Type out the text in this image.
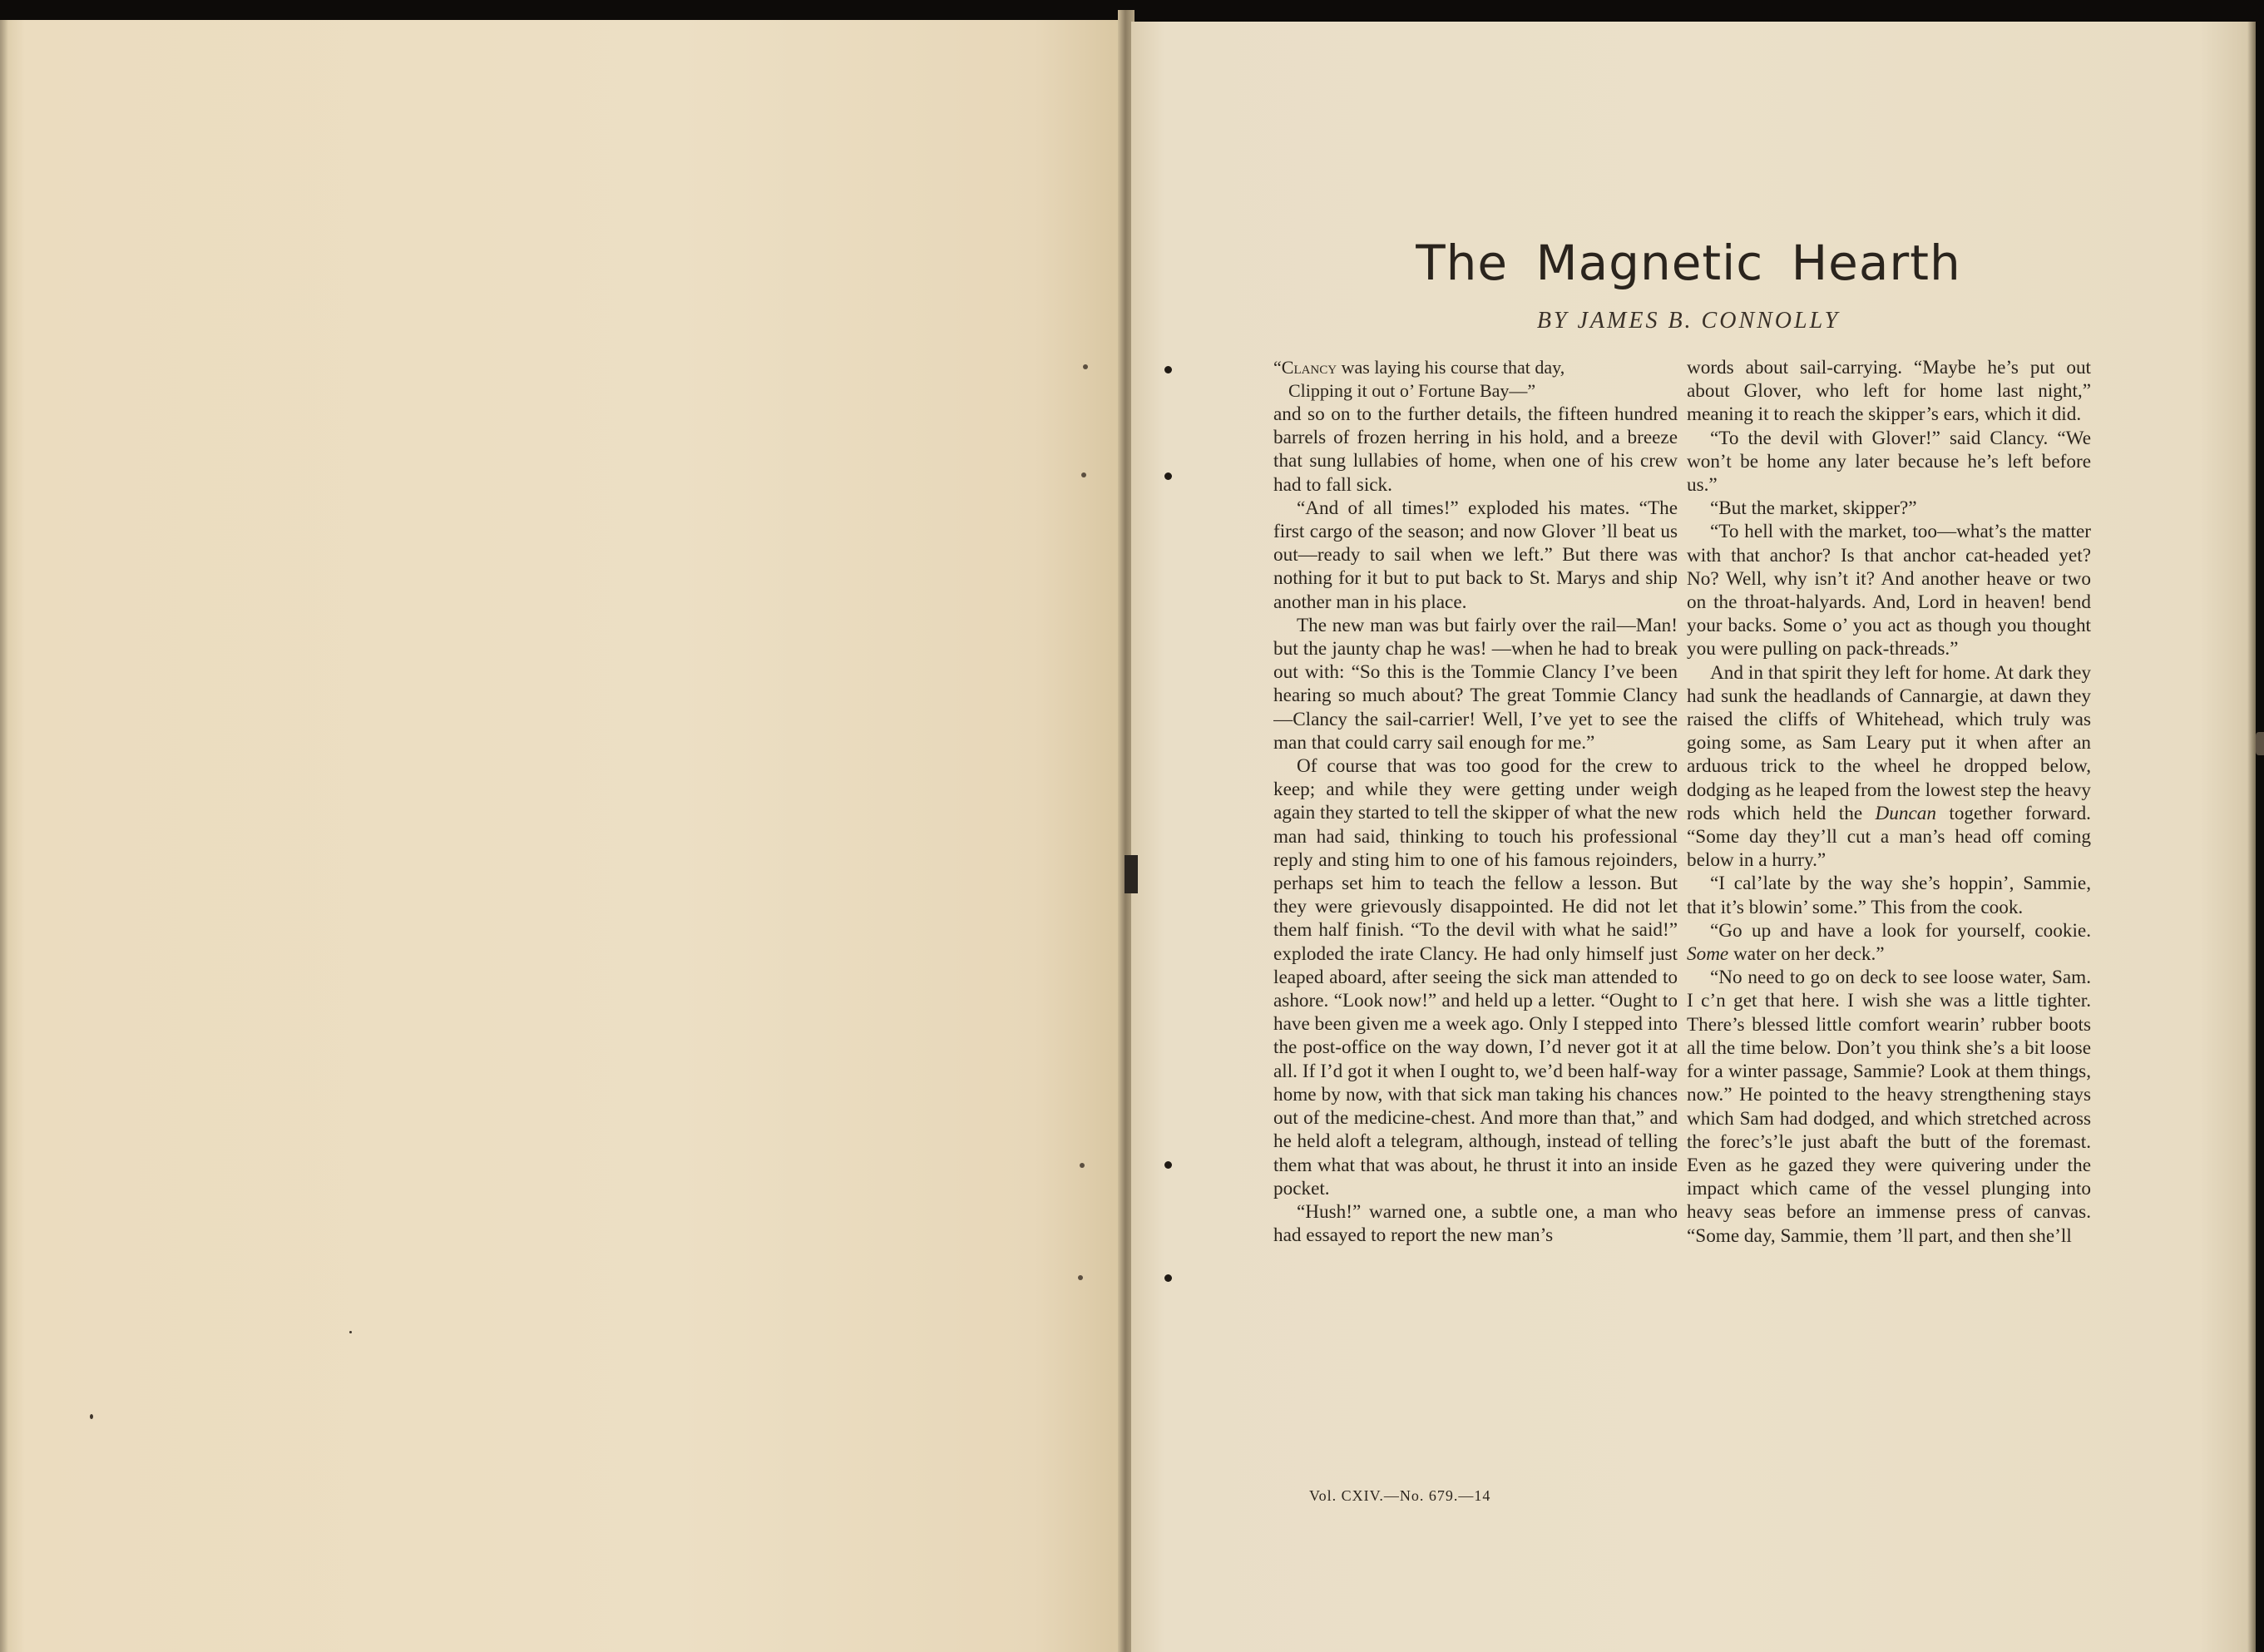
The Magnetic Hearth

BY JAMES B. CONNOLLY

“Clancy was laying his course that day,
Clipping it out o’ Fortune Bay—”

and so on to the further details, the fifteen hundred barrels of frozen herring in his hold, and a breeze that sung lullabies of home, when one of his crew had to fall sick.

“And of all times!” exploded his mates. “The first cargo of the season; and now Glover ’ll beat us out—ready to sail when we left.” But there was nothing for it but to put back to St. Marys and ship another man in his place.

The new man was but fairly over the rail—Man! but the jaunty chap he was! —when he had to break out with: “So this is the Tommie Clancy I’ve been hearing so much about? The great Tommie Clancy—Clancy the sail-carrier! Well, I’ve yet to see the man that could carry sail enough for me.”

Of course that was too good for the crew to keep; and while they were getting under weigh again they started to tell the skipper of what the new man had said, thinking to touch his professional reply and sting him to one of his famous rejoinders, perhaps set him to teach the fellow a lesson. But they were grievously disappointed. He did not let them half finish. “To the devil with what he said!” exploded the irate Clancy. He had only himself just leaped aboard, after seeing the sick man attended to ashore. “Look now!” and held up a letter. “Ought to have been given me a week ago. Only I stepped into the post-office on the way down, I’d never got it at all. If I’d got it when I ought to, we’d been half-way home by now, with that sick man taking his chances out of the medicine-chest. And more than that,” and he held aloft a telegram, although, instead of telling them what that was about, he thrust it into an inside pocket.

“Hush!” warned one, a subtle one, a man who had essayed to report the new man’s

words about sail-carrying. “Maybe he’s put out about Glover, who left for home last night,” meaning it to reach the skipper’s ears, which it did.

“To the devil with Glover!” said Clancy. “We won’t be home any later because he’s left before us.”

“But the market, skipper?”

“To hell with the market, too—what’s the matter with that anchor? Is that anchor cat-headed yet? No? Well, why isn’t it? And another heave or two on the throat-halyards. And, Lord in heaven! bend your backs. Some o’ you act as though you thought you were pulling on pack-threads.”

And in that spirit they left for home. At dark they had sunk the headlands of Cannargie, at dawn they raised the cliffs of Whitehead, which truly was going some, as Sam Leary put it when after an arduous trick to the wheel he dropped below, dodging as he leaped from the lowest step the heavy rods which held the Duncan together forward. “Some day they’ll cut a man’s head off coming below in a hurry.”

“I cal’late by the way she’s hoppin’, Sammie, that it’s blowin’ some.” This from the cook.

“Go up and have a look for yourself, cookie. Some water on her deck.”

“No need to go on deck to see loose water, Sam. I c’n get that here. I wish she was a little tighter. There’s blessed little comfort wearin’ rubber boots all the time below. Don’t you think she’s a bit loose for a winter passage, Sammie? Look at them things, now.” He pointed to the heavy strengthening stays which Sam had dodged, and which stretched across the forec’s’le just abaft the butt of the foremast. Even as he gazed they were quivering under the impact which came of the vessel plunging into heavy seas before an immense press of canvas. “Some day, Sammie, them ’ll part, and then she’ll

Vol. CXIV.—No. 679.—14
